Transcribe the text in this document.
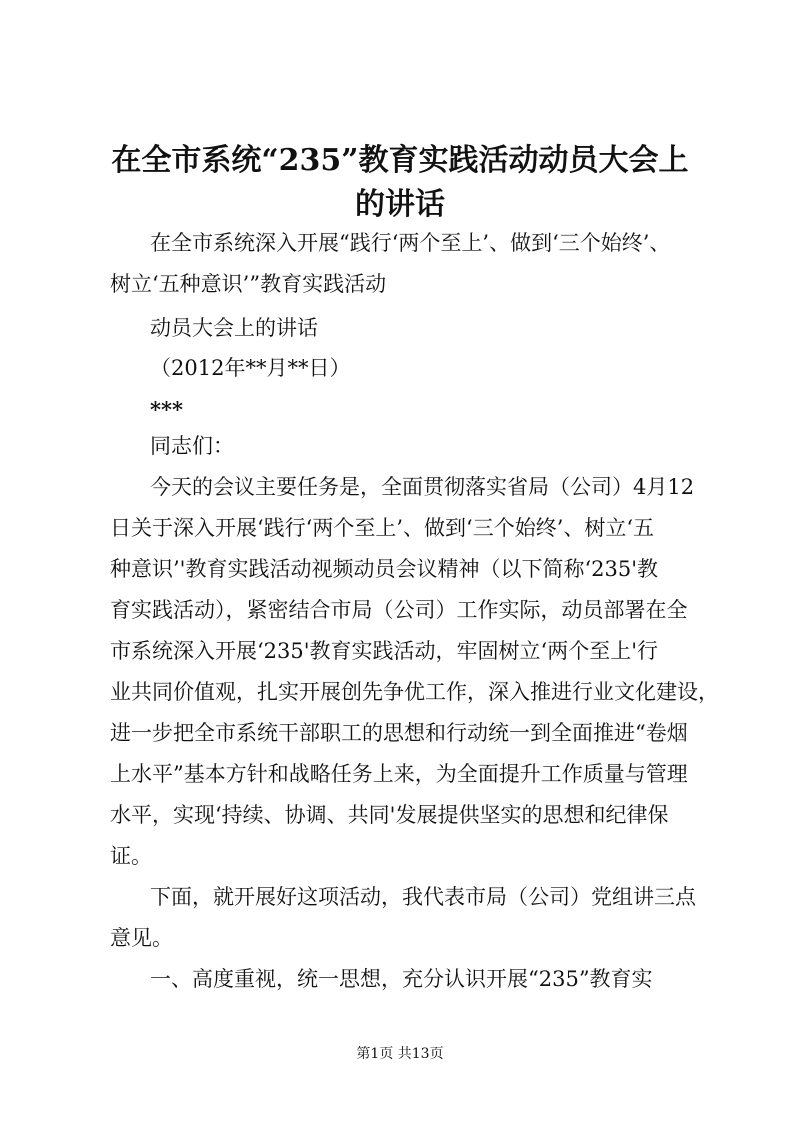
在全市系统“235”教育实践活动动员大会上
的讲话

在全市系统深入开展“践行‘两个至上’、做到‘三个始终’、

树立‘五种意识’”教育实践活动

动员大会上的讲话

（2012年**月**日）

***

同志们：

今天的会议主要任务是，全面贯彻落实省局（公司）4月12

日关于深入开展‘践行‘两个至上’、做到‘三个始终’、树立‘五

种意识’'教育实践活动视频动员会议精神（以下简称‘235'教

育实践活动），紧密结合市局（公司）工作实际，动员部署在全

市系统深入开展‘235'教育实践活动，牢固树立‘两个至上'行

业共同价值观，扎实开展创先争优工作，深入推进行业文化建设，

进一步把全市系统干部职工的思想和行动统一到全面推进“卷烟

上水平”基本方针和战略任务上来，为全面提升工作质量与管理

水平，实现‘持续、协调、共同'发展提供坚实的思想和纪律保

证。

下面，就开展好这项活动，我代表市局（公司）党组讲三点

意见。

一、高度重视，统一思想，充分认识开展“235”教育实

第1页 共13页
